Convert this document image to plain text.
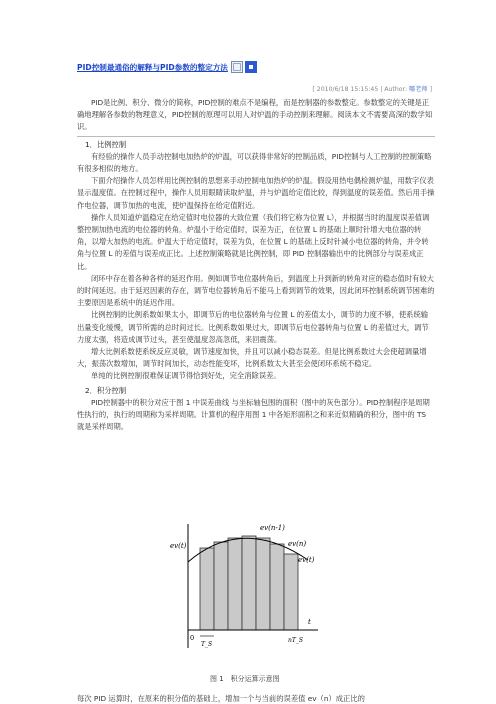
PID控制最通俗的解释与PID参数的整定方法
[ 2010/6/18 15:15:45 | Author: 哪老师 ]

PID是比例、积分、微分的简称，PID控制的难点不是编程，而是控制器的参数整定。参数整定的关键是正确地理解各参数的物理意义，PID控制的原理可以用人对炉温的手动控制来理解。阅读本文不需要高深的数学知识。

1．比例控制

有经验的操作人员手动控制电加热炉的炉温，可以获得非常好的控制品质，PID控制与人工控制的控制策略有很多相似的地方。

下面介绍操作人员怎样用比例控制的思想来手动控制电加热炉的炉温。假设用热电偶检测炉温，用数字仪表显示温度值。在控制过程中，操作人员用眼睛读取炉温，并与炉温给定值比较，得到温度的误差值。然后用手操作电位器，调节加热的电流，使炉温保持在给定值附近。

操作人员知道炉温稳定在给定值时电位器的大致位置（我们将它称为位置 L），并根据当时的温度误差值调整控制加热电流的电位器的转角。炉温小于给定值时，误差为正，在位置 L 的基础上顺时针增大电位器的转角，以增大加热的电流。炉温大于给定值时，误差为负，在位置 L 的基础上反时针减小电位器的转角，并令转角与位置 L 的差值与误差成正比。上述控制策略就是比例控制，即 PID 控制器输出中的比例部分与误差成正比。

闭环中存在着各种各样的延迟作用。例如调节电位器转角后，到温度上升到新的转角对应的稳态值时有较大的时间延迟。由于延迟因素的存在，调节电位器转角后不能马上看到调节的效果，因此闭环控制系统调节困难的主要原因是系统中的延迟作用。

比例控制的比例系数如果太小，即调节后的电位器转角与位置 L 的差值太小，调节的力度不够，使系统输出量变化缓慢，调节所需的总时间过长。比例系数如果过大，即调节后电位器转角与位置 L 的差值过大，调节力度太强，将造成调节过头，甚至使温度忽高忽低，来回震荡。

增大比例系数使系统反应灵敏，调节速度加快，并且可以减小稳态误差。但是比例系数过大会使超调量增大，振荡次数增加，调节时间加长，动态性能变坏，比例系数太大甚至会使闭环系统不稳定。

单纯的比例控制很难保证调节得恰到好处，完全消除误差。

2．积分控制

PID控制器中的积分对应于图 1 中误差曲线 与坐标轴包围的面积（图中的灰色部分）。PID控制程序是周期性执行的，执行的周期称为采样周期。计算机的程序用图 1 中各矩形面积之和来近似精确的积分，图中的 TS 就是采样周期。

ev(t)
ev(n-1)
ev(n)
ev(t)
t
0
T_S
nT_S
图 1　积分运算示意图
每次 PID 运算时，在原来的积分值的基础上，增加一个与当前的误差值 ev（n）成正比的
